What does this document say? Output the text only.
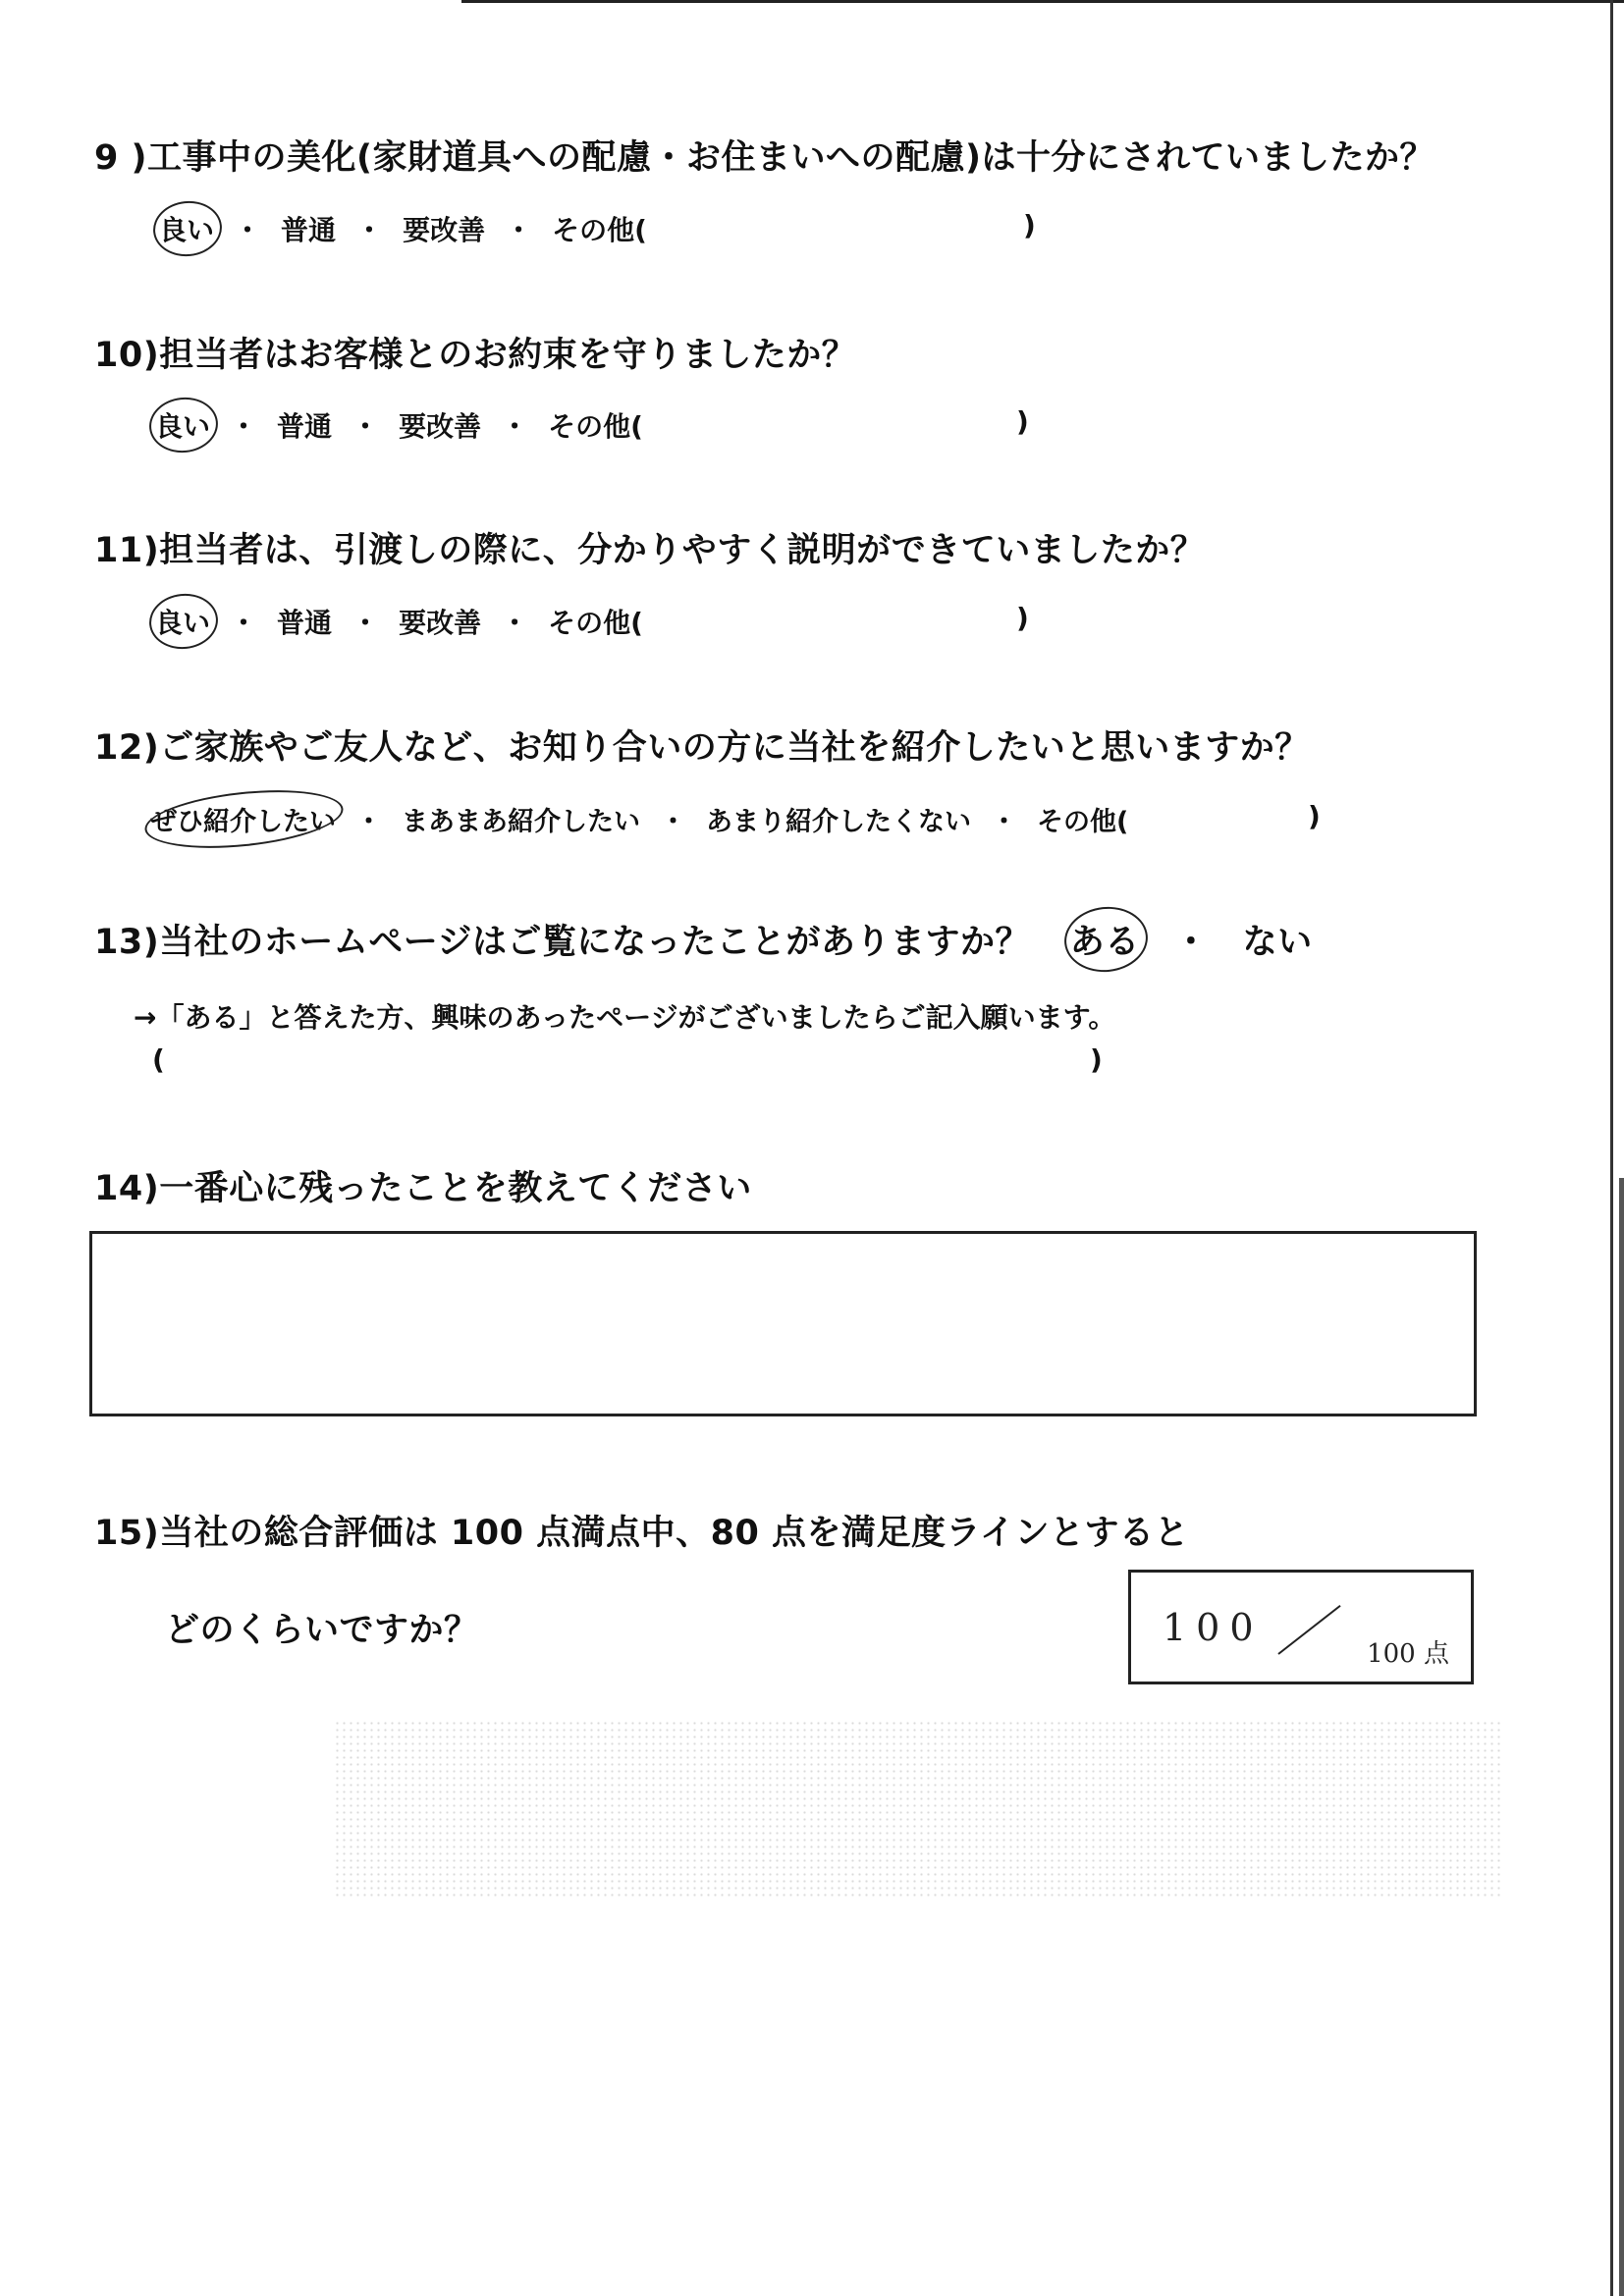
9 )工事中の美化(家財道具への配慮・お住まいへの配慮)は十分にされていましたか？
良い ・ 普通 ・ 要改善 ・ その他(	)
10)担当者はお客様とのお約束を守りましたか？
良い ・ 普通 ・ 要改善 ・ その他(	)
11)担当者は、引渡しの際に、分かりやすく説明ができていましたか？
良い ・ 普通 ・ 要改善 ・ その他(	)
12)ご家族やご友人など、お知り合いの方に当社を紹介したいと思いますか？
ぜひ紹介したい ・ まあまあ紹介したい ・ あまり紹介したくない ・ その他(	)
13)当社のホームページはご覧になったことがありますか？ ある ・ ない
→「ある」と答えた方、興味のあったページがございましたらご記入願います。
(	)
14)一番心に残ったことを教えてください
15)当社の総合評価は 100 点満点中、80 点を満足度ラインとすると
どのくらいですか？	100
100 点
